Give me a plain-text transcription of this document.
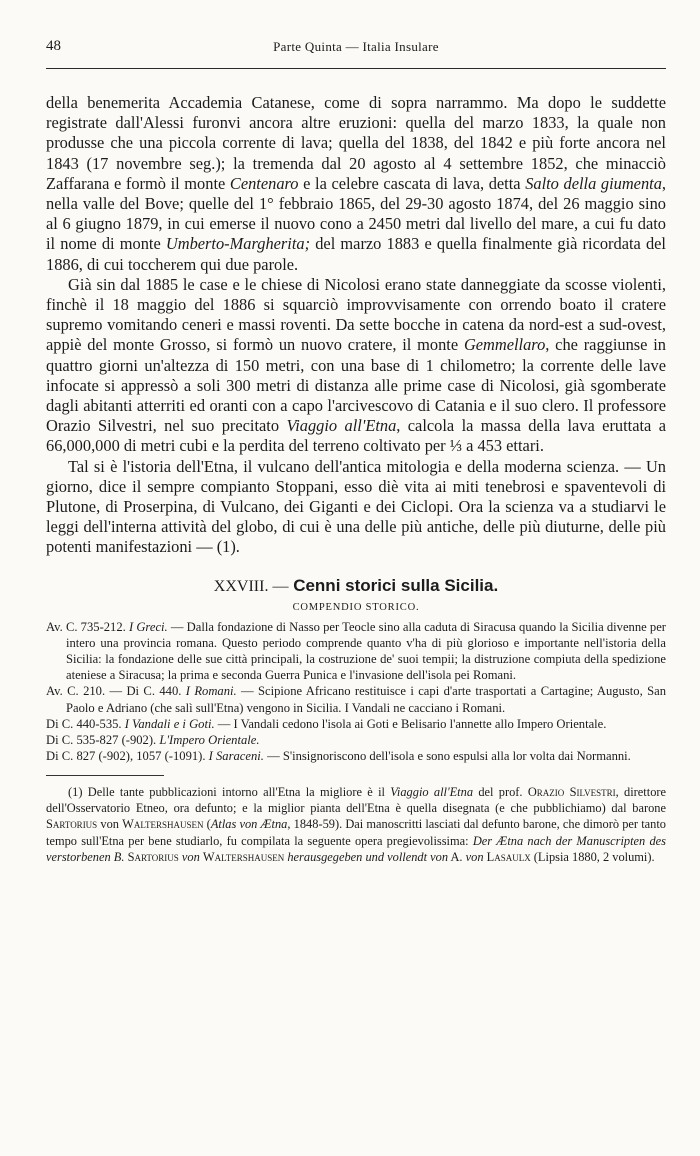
48	Parte Quinta — Italia Insulare

della benemerita Accademia Catanese, come di sopra narrammo. Ma dopo le suddette registrate dall'Alessi furonvi ancora altre eruzioni: quella del marzo 1833, la quale non produsse che una piccola corrente di lava; quella del 1838, del 1842 e più forte ancora nel 1843 (17 novembre seg.); la tremenda dal 20 agosto al 4 settembre 1852, che minacciò Zaffarana e formò il monte Centenaro e la celebre cascata di lava, detta Salto della giumenta, nella valle del Bove; quelle del 1° febbraio 1865, del 29-30 agosto 1874, del 26 maggio sino al 6 giugno 1879, in cui emerse il nuovo cono a 2450 metri dal livello del mare, a cui fu dato il nome di monte Umberto-Margherita; del marzo 1883 e quella finalmente già ricordata del 1886, di cui toccherem qui due parole.

Già sin dal 1885 le case e le chiese di Nicolosi erano state danneggiate da scosse violenti, finchè il 18 maggio del 1886 si squarciò improvvisamente con orrendo boato il cratere supremo vomitando ceneri e massi roventi. Da sette bocche in catena da nord-est a sud-ovest, appiè del monte Grosso, si formò un nuovo cratere, il monte Gemmellaro, che raggiunse in quattro giorni un'altezza di 150 metri, con una base di 1 chilometro; la corrente delle lave infocate si appressò a soli 300 metri di distanza alle prime case di Nicolosi, già sgomberate dagli abitanti atterriti ed oranti con a capo l'arcivescovo di Catania e il suo clero. Il professore Orazio Silvestri, nel suo precitato Viaggio all'Etna, calcola la massa della lava eruttata a 66,000,000 di metri cubi e la perdita del terreno coltivato per ⅓ a 453 ettari.

Tal si è l'istoria dell'Etna, il vulcano dell'antica mitologia e della moderna scienza. — Un giorno, dice il sempre compianto Stoppani, esso diè vita ai miti tenebrosi e spaventevoli di Plutone, di Proserpina, di Vulcano, dei Giganti e dei Ciclopi. Ora la scienza va a studiarvi le leggi dell'interna attività del globo, di cui è una delle più antiche, delle più diuturne, delle più potenti manifestazioni — (1).

XXVIII. — Cenni storici sulla Sicilia.
COMPENDIO STORICO.

Av. C. 735-212. I Greci. — Dalla fondazione di Nasso per Teocle sino alla caduta di Siracusa quando la Sicilia divenne per intero una provincia romana. Questo periodo comprende quanto v'ha di più glorioso e importante nell'istoria della Sicilia: la fondazione delle sue città principali, la costruzione de' suoi tempii; la distruzione compiuta della spedizione ateniese a Siracusa; la prima e seconda Guerra Punica e l'invasione dell'isola pei Romani.

Av. C. 210. — Di C. 440. I Romani. — Scipione Africano restituisce i capi d'arte trasportati a Cartagine; Augusto, San Paolo e Adriano (che salì sull'Etna) vengono in Sicilia. I Vandali ne cacciano i Romani.

Di C. 440-535. I Vandali e i Goti. — I Vandali cedono l'isola ai Goti e Belisario l'annette allo Impero Orientale.

Di C. 535-827 (-902). L'Impero Orientale.

Di C. 827 (-902), 1057 (-1091). I Saraceni. — S'insignoriscono dell'isola e sono espulsi alla lor volta dai Normanni.

(1) Delle tante pubblicazioni intorno all'Etna la migliore è il Viaggio all'Etna del prof. Orazio Silvestri, direttore dell'Osservatorio Etneo, ora defunto; e la miglior pianta dell'Etna è quella disegnata (e che pubblichiamo) dal barone Sartorius von Waltershausen (Atlas von Ætna, 1848-59). Dai manoscritti lasciati dal defunto barone, che dimorò per tanto tempo sull'Etna per bene studiarlo, fu compilata la seguente opera pregievolissima: Der Ætna nach der Manuscripten des verstorbenen B. Sartorius von Waltershausen herausgegeben und vollendt von A. von Lasaulx (Lipsia 1880, 2 volumi).
